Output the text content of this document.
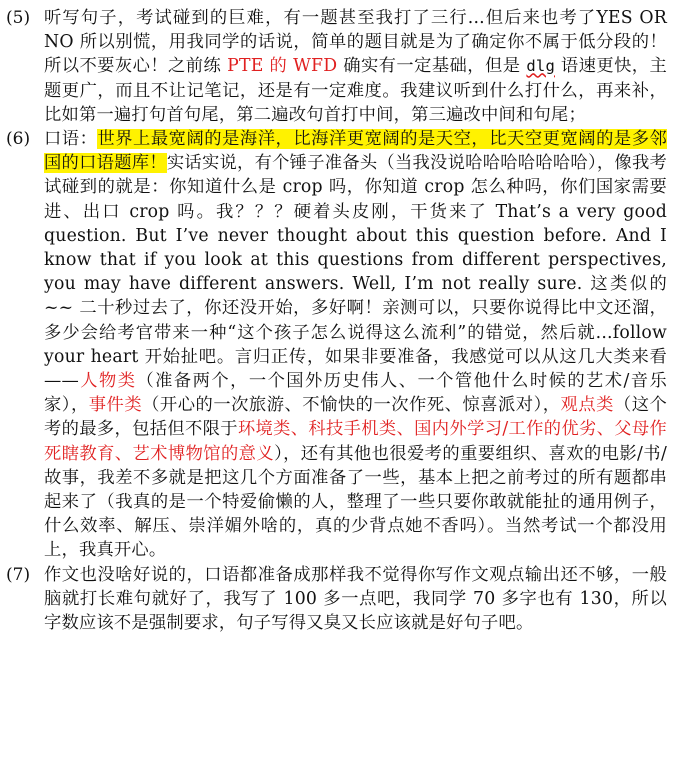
(5) 听写句子，考试碰到的巨难，有一题甚至我打了三行...但后来也考了YES OR NO 所以别慌，用我同学的话说，简单的题目就是为了确定你不属于低分段的！所以不要灰心！之前练 PTE 的 WFD 确实有一定基础，但是 dlg 语速更快，主题更广，而且不让记笔记，还是有一定难度。我建议听到什么打什么，再来补，比如第一遍打句首句尾，第二遍改句首打中间，第三遍改中间和句尾；
(6) 口语：世界上最宽阔的是海洋，比海洋更宽阔的是天空，比天空更宽阔的是多邻国的口语题库！实话实说，有个锤子准备头（当我没说哈哈哈哈哈哈哈），像我考试碰到的就是：你知道什么是 crop 吗，你知道 crop 怎么种吗，你们国家需要进、出口 crop 吗。我？？？硬着头皮刚，干货来了 That’s a very good question. But I’ve never thought about this question before. And I know that if you look at this questions from different perspectives, you may have different answers. Well, I’m not really sure. 这类似的~~ 二十秒过去了，你还没开始，多好啊！亲测可以，只要你说得比中文还溜，多少会给考官带来一种“这个孩子怎么说得这么流利”的错觉，然后就...follow your heart 开始扯吧。言归正传，如果非要准备，我感觉可以从这几大类来看——人物类（准备两个，一个国外历史伟人、一个管他什么时候的艺术/音乐家），事件类（开心的一次旅游、不愉快的一次作死、惊喜派对），观点类（这个考的最多，包括但不限于环境类、科技手机类、国内外学习/工作的优劣、父母作死瞎教育、艺术博物馆的意义），还有其他也很爱考的重要组织、喜欢的电影/书/故事，我差不多就是把这几个方面准备了一些，基本上把之前考过的所有题都串起来了（我真的是一个特爱偷懒的人，整理了一些只要你敢就能扯的通用例子，什么效率、解压、崇洋媚外啥的，真的少背点她不香吗）。当然考试一个都没用上，我真开心。
(7) 作文也没啥好说的，口语都准备成那样我不觉得你写作文观点输出还不够，一般脑就打长难句就好了，我写了 100 多一点吧，我同学 70 多字也有 130，所以字数应该不是强制要求，句子写得又臭又长应该就是好句子吧。
